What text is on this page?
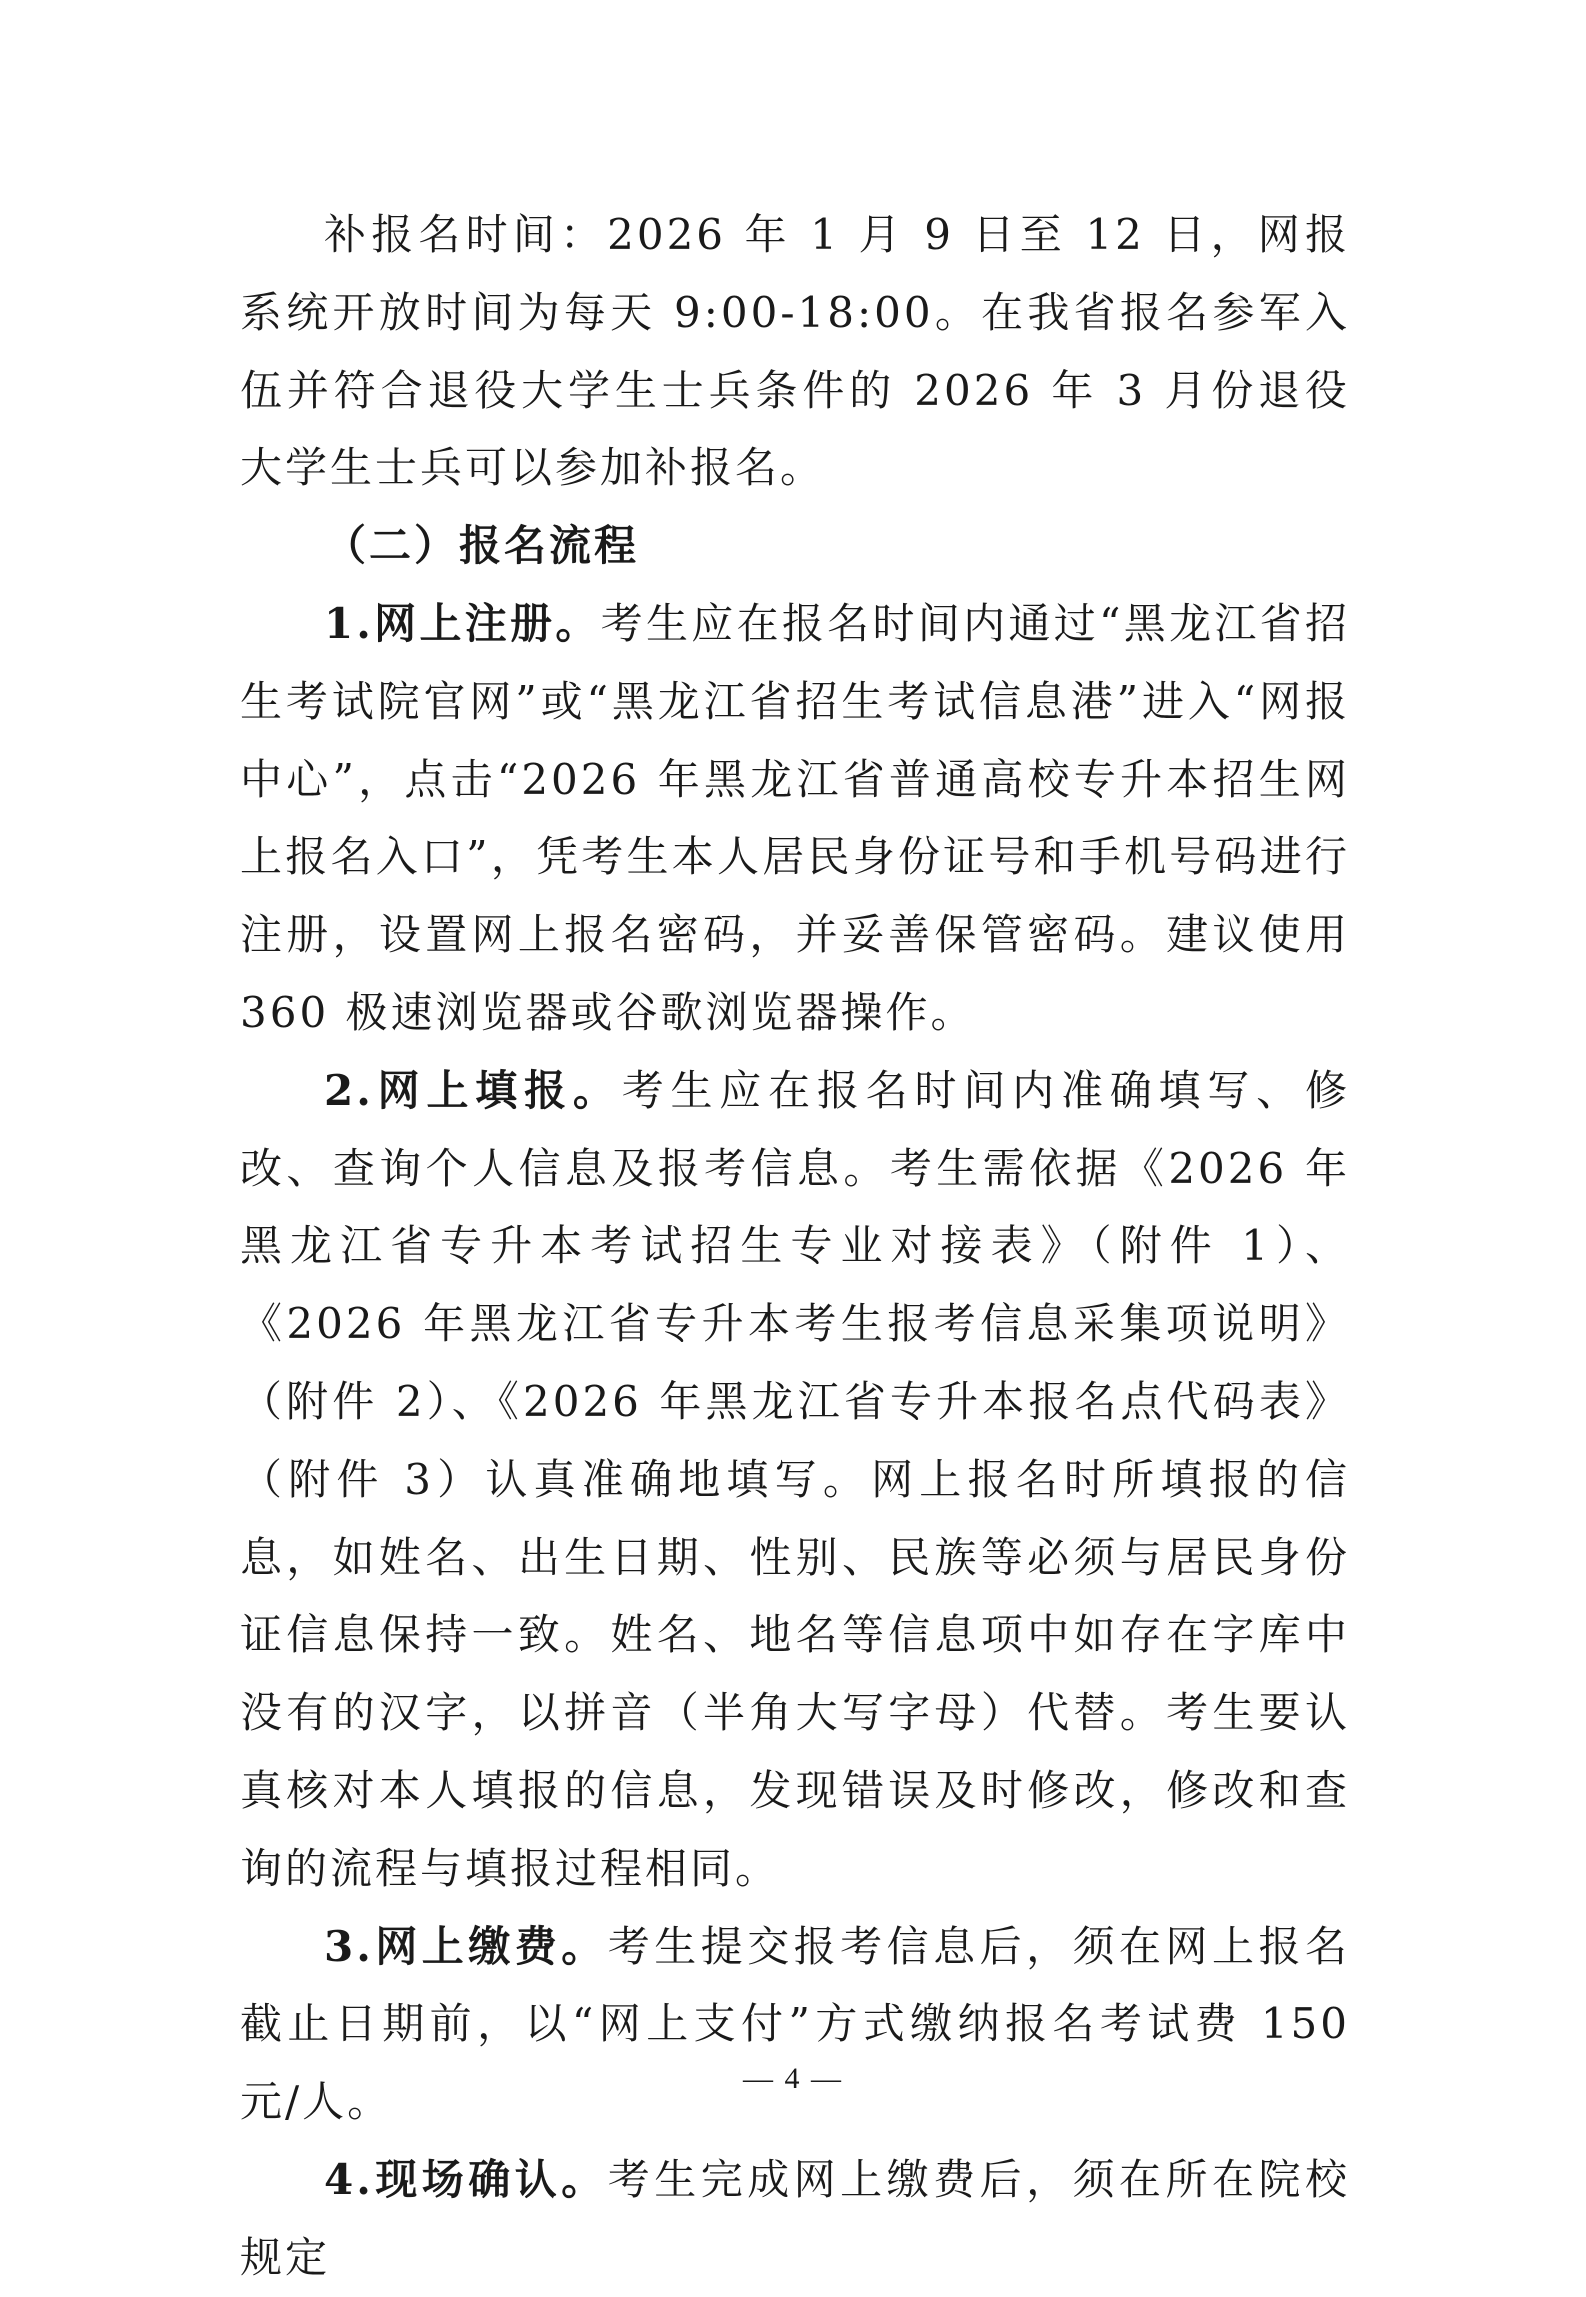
补报名时间：2026 年 1 月 9 日至 12 日，网报系统开放时间为每天 9:00-18:00。在我省报名参军入伍并符合退役大学生士兵条件的 2026 年 3 月份退役大学生士兵可以参加补报名。

（二）报名流程

1.网上注册。考生应在报名时间内通过“黑龙江省招生考试院官网”或“黑龙江省招生考试信息港”进入“网报中心”，点击“2026 年黑龙江省普通高校专升本招生网上报名入口”，凭考生本人居民身份证号和手机号码进行注册，设置网上报名密码，并妥善保管密码。建议使用 360 极速浏览器或谷歌浏览器操作。

2.网上填报。考生应在报名时间内准确填写、修改、查询个人信息及报考信息。考生需依据《2026 年黑龙江省专升本考试招生专业对接表》（附件 1）、《2026 年黑龙江省专升本考生报考信息采集项说明》（附件 2）、《2026 年黑龙江省专升本报名点代码表》（附件 3）认真准确地填写。网上报名时所填报的信息，如姓名、出生日期、性别、民族等必须与居民身份证信息保持一致。姓名、地名等信息项中如存在字库中没有的汉字，以拼音（半角大写字母）代替。考生要认真核对本人填报的信息，发现错误及时修改，修改和查询的流程与填报过程相同。

3.网上缴费。考生提交报考信息后，须在网上报名截止日期前，以“网上支付”方式缴纳报名考试费 150 元/人。

4.现场确认。考生完成网上缴费后，须在所在院校规定

— 4 —
